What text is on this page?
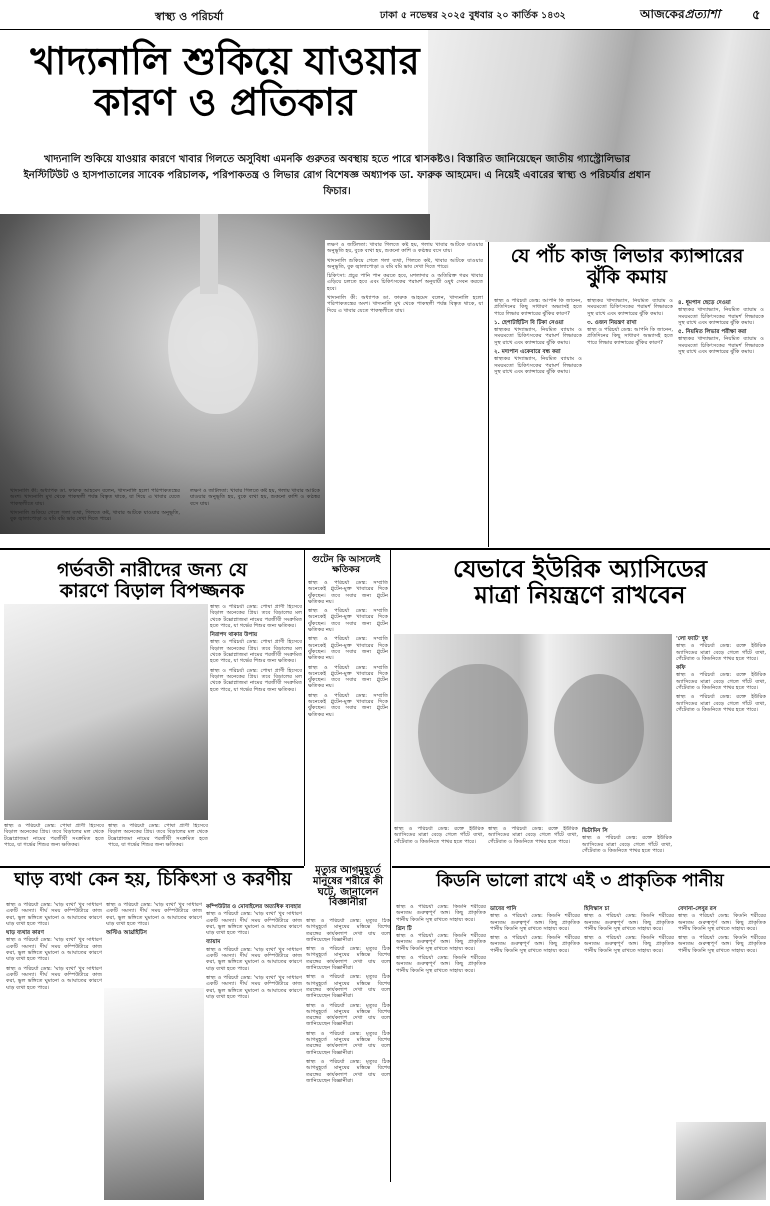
স্বাস্থ্য ও পরিচর্যা	ঢাকা ৫ নভেম্বর ২০২৫ বুধবার ২০ কার্তিক ১৪৩২	আজকেরপ্রত্যাশা ৫
খাদ্যনালি শুকিয়ে যাওয়ার
কারণ ও প্রতিকার
খাদ্যনালি শুকিয়ে যাওয়ার কারণে খাবার গিলতে অসুবিধা এমনকি গুরুতর অবস্থায় হতে পারে শ্বাসকষ্টও। বিস্তারিত জানিয়েছেন জাতীয় গ্যাস্ট্রোলিভার ইনস্টিটিউট ও হাসপাতালের সাবেক পরিচালক, পরিপাকতন্ত্র ও লিভার রোগ বিশেষজ্ঞ অধ্যাপক ডা. ফারুক আহমেদ। এ নিয়েই এবারের স্বাস্থ্য ও পরিচর্যার প্রধান ফিচার।

খাদ্যনালি কী: অধ্যাপক ডা. ফারুক আহমেদ বলেন, খাদ্যনালি হলো পরিপাকতন্ত্রের অংশ। খাদ্যনালি মুখ থেকে পাকস্থলী পর্যন্ত বিস্তৃত থাকে, যা দিয়ে এ খাবার যেতে পাকস্থলীতে যায়।

খাদ্যনালি শুকিয়ে গেলে গলা ব্যথা, গিলতে কষ্ট, খাবার আটকে যাওয়ার অনুভূতি, বুক জ্বালাপোড়া ও বমি বমি ভাব দেখা দিতে পারে।

লক্ষণ ও জটিলতা: খাবার গিলতে কষ্ট হয়, গলায় খাবার আটকে যাওয়ার অনুভূতি হয়, বুকে ব্যথা হয়, শুকনো কাশি ও কণ্ঠস্বর বসে যায়।

লক্ষণ ও জটিলতা: খাবার গিলতে কষ্ট হয়, গলায় খাবার আটকে যাওয়ার অনুভূতি হয়, বুকে ব্যথা হয়, শুকনো কাশি ও কণ্ঠস্বর বসে যায়।

খাদ্যনালি শুকিয়ে গেলে গলা ব্যথা, গিলতে কষ্ট, খাবার আটকে যাওয়ার অনুভূতি, বুক জ্বালাপোড়া ও বমি বমি ভাব দেখা দিতে পারে।

চিকিৎসা: প্রচুর পানি পান করতে হবে, মশলাদার ও অতিরিক্ত গরম খাবার এড়িয়ে চলতে হবে এবং চিকিৎসকের পরামর্শ অনুযায়ী ওষুধ সেবন করতে হবে।

খাদ্যনালি কী: অধ্যাপক ডা. ফারুক আহমেদ বলেন, খাদ্যনালি হলো পরিপাকতন্ত্রের অংশ। খাদ্যনালি মুখ থেকে পাকস্থলী পর্যন্ত বিস্তৃত থাকে, যা দিয়ে এ খাবার যেতে পাকস্থলীতে যায়।

যে পাঁচ কাজ লিভার ক্যান্সারের
ঝুঁকি কমায়

স্বাস্থ্য ও পরিচর্যা ডেস্ক: আপনি কি জানেন, প্রতিদিনের কিছু সাধারণ অভ্যাসই হতে পারে লিভার ক্যান্সারের ঝুঁকির কারণ?

১. হেপাটাইটিস বি টিকা নেওয়া

স্বাস্থ্যকর খাদ্যাভ্যাস, নিয়মিত ব্যায়াম ও সময়মতো চিকিৎসকের পরামর্শ লিভারকে সুস্থ রাখে এবং ক্যান্সারের ঝুঁকি কমায়।

২. মদ্যপান একেবারে বন্ধ করা

স্বাস্থ্যকর খাদ্যাভ্যাস, নিয়মিত ব্যায়াম ও সময়মতো চিকিৎসকের পরামর্শ লিভারকে সুস্থ রাখে এবং ক্যান্সারের ঝুঁকি কমায়।

স্বাস্থ্যকর খাদ্যাভ্যাস, নিয়মিত ব্যায়াম ও সময়মতো চিকিৎসকের পরামর্শ লিভারকে সুস্থ রাখে এবং ক্যান্সারের ঝুঁকি কমায়।

৩. ওজন নিয়ন্ত্রণ রাখা

স্বাস্থ্য ও পরিচর্যা ডেস্ক: আপনি কি জানেন, প্রতিদিনের কিছু সাধারণ অভ্যাসই হতে পারে লিভার ক্যান্সারের ঝুঁকির কারণ?

৪. ধূমপান ছেড়ে দেওয়া

স্বাস্থ্যকর খাদ্যাভ্যাস, নিয়মিত ব্যায়াম ও সময়মতো চিকিৎসকের পরামর্শ লিভারকে সুস্থ রাখে এবং ক্যান্সারের ঝুঁকি কমায়।

৫. নিয়মিত লিভার পরীক্ষা করা

স্বাস্থ্যকর খাদ্যাভ্যাস, নিয়মিত ব্যায়াম ও সময়মতো চিকিৎসকের পরামর্শ লিভারকে সুস্থ রাখে এবং ক্যান্সারের ঝুঁকি কমায়।

গর্ভবতী নারীদের জন্য যে
কারণে বিড়াল বিপজ্জনক

স্বাস্থ্য ও পরিচর্যা ডেস্ক: পোষা প্রাণী হিসেবে বিড়াল অনেকের প্রিয়। তবে বিড়ালের মল থেকে টক্সোপ্লাজমা নামের পরজীবী সংক্রমিত হতে পারে, যা গর্ভের শিশুর জন্য ক্ষতিকর।

নিরাপদ থাকার উপায়

স্বাস্থ্য ও পরিচর্যা ডেস্ক: পোষা প্রাণী হিসেবে বিড়াল অনেকের প্রিয়। তবে বিড়ালের মল থেকে টক্সোপ্লাজমা নামের পরজীবী সংক্রমিত হতে পারে, যা গর্ভের শিশুর জন্য ক্ষতিকর।

স্বাস্থ্য ও পরিচর্যা ডেস্ক: পোষা প্রাণী হিসেবে বিড়াল অনেকের প্রিয়। তবে বিড়ালের মল থেকে টক্সোপ্লাজমা নামের পরজীবী সংক্রমিত হতে পারে, যা গর্ভের শিশুর জন্য ক্ষতিকর।

স্বাস্থ্য ও পরিচর্যা ডেস্ক: পোষা প্রাণী হিসেবে বিড়াল অনেকের প্রিয়। তবে বিড়ালের মল থেকে টক্সোপ্লাজমা নামের পরজীবী সংক্রমিত হতে পারে, যা গর্ভের শিশুর জন্য ক্ষতিকর।

স্বাস্থ্য ও পরিচর্যা ডেস্ক: পোষা প্রাণী হিসেবে বিড়াল অনেকের প্রিয়। তবে বিড়ালের মল থেকে টক্সোপ্লাজমা নামের পরজীবী সংক্রমিত হতে পারে, যা গর্ভের শিশুর জন্য ক্ষতিকর।

গুটেন কি আসলেই
ক্ষতিকর

স্বাস্থ্য ও পরিচর্যা ডেস্ক: সম্প্রতি অনেকেই গ্লুটেন-মুক্ত খাবারের দিকে ঝুঁকছেন। তবে সবার জন্য গ্লুটেন ক্ষতিকর নয়।

স্বাস্থ্য ও পরিচর্যা ডেস্ক: সম্প্রতি অনেকেই গ্লুটেন-মুক্ত খাবারের দিকে ঝুঁকছেন। তবে সবার জন্য গ্লুটেন ক্ষতিকর নয়।

স্বাস্থ্য ও পরিচর্যা ডেস্ক: সম্প্রতি অনেকেই গ্লুটেন-মুক্ত খাবারের দিকে ঝুঁকছেন। তবে সবার জন্য গ্লুটেন ক্ষতিকর নয়।

স্বাস্থ্য ও পরিচর্যা ডেস্ক: সম্প্রতি অনেকেই গ্লুটেন-মুক্ত খাবারের দিকে ঝুঁকছেন। তবে সবার জন্য গ্লুটেন ক্ষতিকর নয়।

স্বাস্থ্য ও পরিচর্যা ডেস্ক: সম্প্রতি অনেকেই গ্লুটেন-মুক্ত খাবারের দিকে ঝুঁকছেন। তবে সবার জন্য গ্লুটেন ক্ষতিকর নয়।

যেভাবে ইউরিক অ্যাসিডের
মাত্রা নিয়ন্ত্রণে রাখবেন
'লো ফ্যাট' দুধ

স্বাস্থ্য ও পরিচর্যা ডেস্ক: রক্তে ইউরিক অ্যাসিডের মাত্রা বেড়ে গেলে গাঁটে ব্যথা, গেঁটেবাত ও কিডনিতে পাথর হতে পারে।

কফি

স্বাস্থ্য ও পরিচর্যা ডেস্ক: রক্তে ইউরিক অ্যাসিডের মাত্রা বেড়ে গেলে গাঁটে ব্যথা, গেঁটেবাত ও কিডনিতে পাথর হতে পারে।

স্বাস্থ্য ও পরিচর্যা ডেস্ক: রক্তে ইউরিক অ্যাসিডের মাত্রা বেড়ে গেলে গাঁটে ব্যথা, গেঁটেবাত ও কিডনিতে পাথর হতে পারে।

মৃত্যুর আগমুহূর্তে
মানুষের শরীরে কী
ঘটে, জানালেন
বিজ্ঞানীরা

স্বাস্থ্য ও পরিচর্যা ডেস্ক: মৃত্যুর ঠিক আগমুহূর্তে মানুষের মস্তিষ্কে বিশেষ তরঙ্গের কার্যকলাপ দেখা যায় বলে জানিয়েছেন বিজ্ঞানীরা।

স্বাস্থ্য ও পরিচর্যা ডেস্ক: মৃত্যুর ঠিক আগমুহূর্তে মানুষের মস্তিষ্কে বিশেষ তরঙ্গের কার্যকলাপ দেখা যায় বলে জানিয়েছেন বিজ্ঞানীরা।

স্বাস্থ্য ও পরিচর্যা ডেস্ক: মৃত্যুর ঠিক আগমুহূর্তে মানুষের মস্তিষ্কে বিশেষ তরঙ্গের কার্যকলাপ দেখা যায় বলে জানিয়েছেন বিজ্ঞানীরা।

স্বাস্থ্য ও পরিচর্যা ডেস্ক: মৃত্যুর ঠিক আগমুহূর্তে মানুষের মস্তিষ্কে বিশেষ তরঙ্গের কার্যকলাপ দেখা যায় বলে জানিয়েছেন বিজ্ঞানীরা।

স্বাস্থ্য ও পরিচর্যা ডেস্ক: মৃত্যুর ঠিক আগমুহূর্তে মানুষের মস্তিষ্কে বিশেষ তরঙ্গের কার্যকলাপ দেখা যায় বলে জানিয়েছেন বিজ্ঞানীরা।

স্বাস্থ্য ও পরিচর্যা ডেস্ক: মৃত্যুর ঠিক আগমুহূর্তে মানুষের মস্তিষ্কে বিশেষ তরঙ্গের কার্যকলাপ দেখা যায় বলে জানিয়েছেন বিজ্ঞানীরা।

স্বাস্থ্য ও পরিচর্যা ডেস্ক: রক্তে ইউরিক অ্যাসিডের মাত্রা বেড়ে গেলে গাঁটে ব্যথা, গেঁটেবাত ও কিডনিতে পাথর হতে পারে।

স্বাস্থ্য ও পরিচর্যা ডেস্ক: রক্তে ইউরিক অ্যাসিডের মাত্রা বেড়ে গেলে গাঁটে ব্যথা, গেঁটেবাত ও কিডনিতে পাথর হতে পারে।

ভিটামিন সি

স্বাস্থ্য ও পরিচর্যা ডেস্ক: রক্তে ইউরিক অ্যাসিডের মাত্রা বেড়ে গেলে গাঁটে ব্যথা, গেঁটেবাত ও কিডনিতে পাথর হতে পারে।

ঘাড় ব্যথা কেন হয়, চিকিৎসা ও করণীয়

স্বাস্থ্য ও পরিচর্যা ডেস্ক: 'ঘাড় ব্যথা' খুব সাধারণ একটি সমস্যা। দীর্ঘ সময় কম্পিউটারে কাজ করা, ভুল ভঙ্গিতে ঘুমানো ও আঘাতের কারণে ঘাড় ব্যথা হতে পারে।

ঘাড় ব্যথার কারণ

স্বাস্থ্য ও পরিচর্যা ডেস্ক: 'ঘাড় ব্যথা' খুব সাধারণ একটি সমস্যা। দীর্ঘ সময় কম্পিউটারে কাজ করা, ভুল ভঙ্গিতে ঘুমানো ও আঘাতের কারণে ঘাড় ব্যথা হতে পারে।

স্বাস্থ্য ও পরিচর্যা ডেস্ক: 'ঘাড় ব্যথা' খুব সাধারণ একটি সমস্যা। দীর্ঘ সময় কম্পিউটারে কাজ করা, ভুল ভঙ্গিতে ঘুমানো ও আঘাতের কারণে ঘাড় ব্যথা হতে পারে।

স্বাস্থ্য ও পরিচর্যা ডেস্ক: 'ঘাড় ব্যথা' খুব সাধারণ একটি সমস্যা। দীর্ঘ সময় কম্পিউটারে কাজ করা, ভুল ভঙ্গিতে ঘুমানো ও আঘাতের কারণে ঘাড় ব্যথা হতে পারে।

অস্টিও আর্থ্রাইটিস
কম্পিউটার ও মোবাইলের অত্যধিক ব্যবহার

স্বাস্থ্য ও পরিচর্যা ডেস্ক: 'ঘাড় ব্যথা' খুব সাধারণ একটি সমস্যা। দীর্ঘ সময় কম্পিউটারে কাজ করা, ভুল ভঙ্গিতে ঘুমানো ও আঘাতের কারণে ঘাড় ব্যথা হতে পারে।

ব্যায়াম

স্বাস্থ্য ও পরিচর্যা ডেস্ক: 'ঘাড় ব্যথা' খুব সাধারণ একটি সমস্যা। দীর্ঘ সময় কম্পিউটারে কাজ করা, ভুল ভঙ্গিতে ঘুমানো ও আঘাতের কারণে ঘাড় ব্যথা হতে পারে।

স্বাস্থ্য ও পরিচর্যা ডেস্ক: 'ঘাড় ব্যথা' খুব সাধারণ একটি সমস্যা। দীর্ঘ সময় কম্পিউটারে কাজ করা, ভুল ভঙ্গিতে ঘুমানো ও আঘাতের কারণে ঘাড় ব্যথা হতে পারে।

কিডনি ভালো রাখে এই ৩ প্রাকৃতিক পানীয়

স্বাস্থ্য ও পরিচর্যা ডেস্ক: কিডনি শরীরের অন্যতম গুরুত্বপূর্ণ অঙ্গ। কিছু প্রাকৃতিক পানীয় কিডনি সুস্থ রাখতে সাহায্য করে।

গ্রিন টি

স্বাস্থ্য ও পরিচর্যা ডেস্ক: কিডনি শরীরের অন্যতম গুরুত্বপূর্ণ অঙ্গ। কিছু প্রাকৃতিক পানীয় কিডনি সুস্থ রাখতে সাহায্য করে।

স্বাস্থ্য ও পরিচর্যা ডেস্ক: কিডনি শরীরের অন্যতম গুরুত্বপূর্ণ অঙ্গ। কিছু প্রাকৃতিক পানীয় কিডনি সুস্থ রাখতে সাহায্য করে।

ডাবের পানি

স্বাস্থ্য ও পরিচর্যা ডেস্ক: কিডনি শরীরের অন্যতম গুরুত্বপূর্ণ অঙ্গ। কিছু প্রাকৃতিক পানীয় কিডনি সুস্থ রাখতে সাহায্য করে।

স্বাস্থ্য ও পরিচর্যা ডেস্ক: কিডনি শরীরের অন্যতম গুরুত্বপূর্ণ অঙ্গ। কিছু প্রাকৃতিক পানীয় কিডনি সুস্থ রাখতে সাহায্য করে।

হিবিস্কাস চা

স্বাস্থ্য ও পরিচর্যা ডেস্ক: কিডনি শরীরের অন্যতম গুরুত্বপূর্ণ অঙ্গ। কিছু প্রাকৃতিক পানীয় কিডনি সুস্থ রাখতে সাহায্য করে।

স্বাস্থ্য ও পরিচর্যা ডেস্ক: কিডনি শরীরের অন্যতম গুরুত্বপূর্ণ অঙ্গ। কিছু প্রাকৃতিক পানীয় কিডনি সুস্থ রাখতে সাহায্য করে।

বেদানা-লেবুর রস

স্বাস্থ্য ও পরিচর্যা ডেস্ক: কিডনি শরীরের অন্যতম গুরুত্বপূর্ণ অঙ্গ। কিছু প্রাকৃতিক পানীয় কিডনি সুস্থ রাখতে সাহায্য করে।

স্বাস্থ্য ও পরিচর্যা ডেস্ক: কিডনি শরীরের অন্যতম গুরুত্বপূর্ণ অঙ্গ। কিছু প্রাকৃতিক পানীয় কিডনি সুস্থ রাখতে সাহায্য করে।
